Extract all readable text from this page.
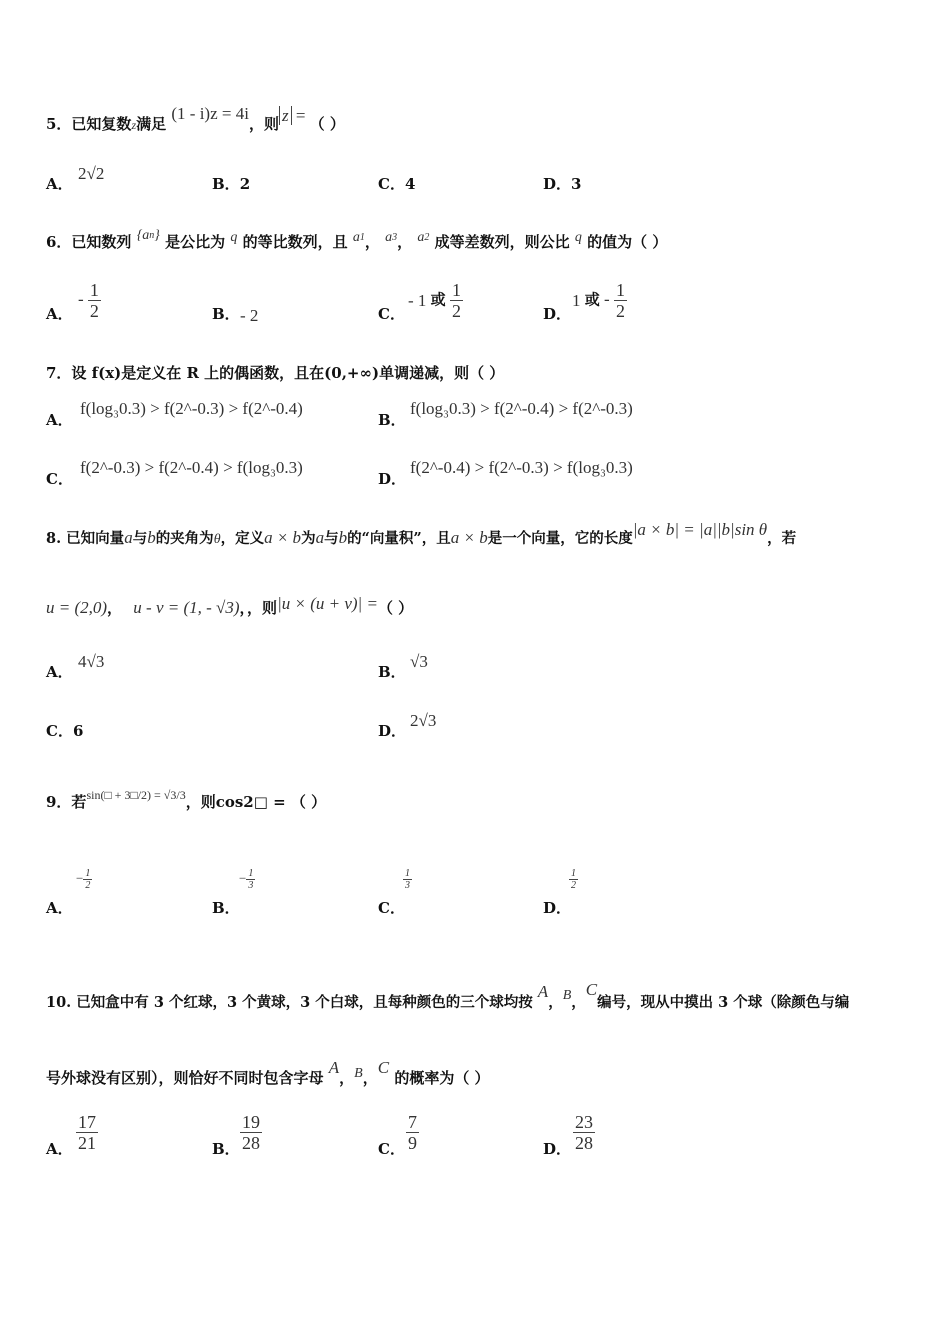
5．已知复数z满足 (1 - i)z = 4i，则 z = （ ）
A．
2√2
B．2	C．4	D．3
6．已知数列 {an} 是公比为 q 的等比数列，且 a1， a3， a2 成等差数列，则公比 q 的值为（ ）
A．
- $\frac{1}{2}$	B． - 2	C．
- 1 或 $\frac{1}{2}$	D．
1 或 - $\frac{1}{2}$
7．设 f(x)是定义在 R 上的偶函数，且在(0,+∞)单调递减，则（ ）
A．
f(log₃0.3) > f(2^-0.3) > f(2^-0.4)
B．
f(log₃0.3) > f(2^-0.4) > f(2^-0.3)
C．
f(2^-0.3) > f(2^-0.4) > f(log₃0.3)
D．
f(2^-0.4) > f(2^-0.3) > f(log₃0.3)
8. 已知向量a与b的夹角为θ，定义a × b为a与b的“向量积”，且a × b是一个向量，它的长度|a × b| = |a||b|sin θ，若
u = (2,0)， u - v = (1, - √3)，，则|u × (u + v)| =（ ）
A．
4√3
B．
√3
C．6	D．
2√3
9．若$^{sin(□ + 3□/2) = √3/3}$，则cos2□ = （ ）
A．
− $\frac{1}{2}$
B．
− $\frac{1}{3}$
C．
$\frac{1}{3}$
D．
$\frac{1}{2}$
10. 已知盒中有 3 个红球，3 个黄球，3 个白球，且每种颜色的三个球均按 A，B，C编号，现从中摸出 3 个球（除颜色与编
号外球没有区别），则恰好不同时包含字母 A，B，C 的概率为（ ）
A． $\frac{17}{21}$	B． $\frac{19}{28}$	C． $\frac{7}{9}$	D． $\frac{23}{28}$
